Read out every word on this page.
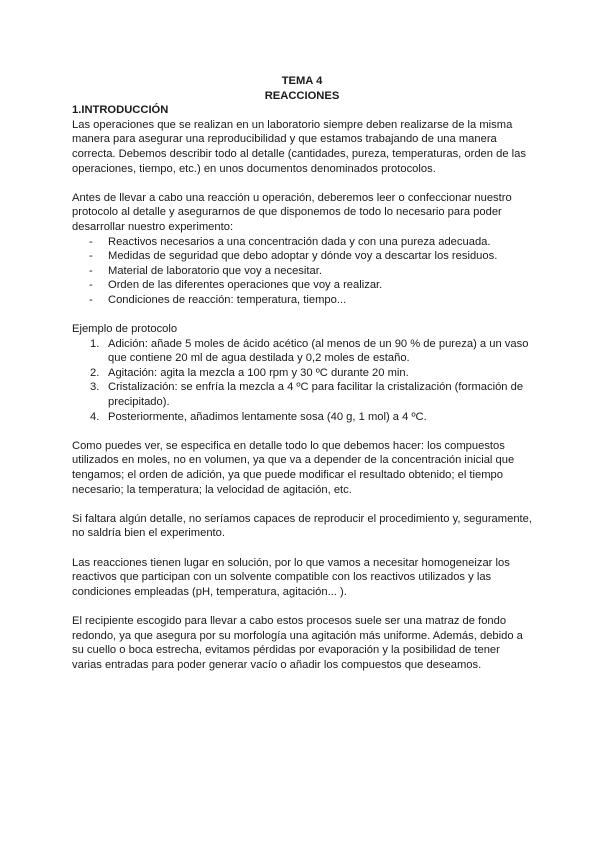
TEMA 4

REACCIONES

1.INTRODUCCIÓN

Las operaciones que se realizan en un laboratorio siempre deben realizarse de la misma manera para asegurar una reproducibilidad y que estamos trabajando de una manera correcta. Debemos describir todo al detalle (cantidades, pureza, temperaturas, orden de las operaciones, tiempo, etc.) en unos documentos denominados protocolos.

Antes de llevar a cabo una reacción u operación, deberemos leer o confeccionar nuestro protocolo al detalle y asegurarnos de que disponemos de todo lo necesario para poder desarrollar nuestro experimento:

- Reactivos necesarios a una concentración dada y con una pureza adecuada.
- Medidas de seguridad que debo adoptar y dónde voy a descartar los residuos.
- Material de laboratorio que voy a necesitar.
- Orden de las diferentes operaciones que voy a realizar.
- Condiciones de reacción: temperatura, tiempo...

Ejemplo de protocolo

1. Adición: añade 5 moles de ácido acético (al menos de un 90 % de pureza) a un vaso que contiene 20 ml de agua destilada y 0,2 moles de estaño.
2. Agitación: agita la mezcla a 100 rpm y 30 ºC durante 20 min.
3. Cristalización: se enfría la mezcla a 4 ºC para facilitar la cristalización (formación de precipitado).
4. Posteriormente, añadimos lentamente sosa (40 g, 1 mol) a 4 ºC.

Como puedes ver, se especifica en detalle todo lo que debemos hacer: los compuestos utilizados en moles, no en volumen, ya que va a depender de la concentración inicial que tengamos; el orden de adición, ya que puede modificar el resultado obtenido; el tiempo necesario; la temperatura; la velocidad de agitación, etc.

Si faltara algún detalle, no seríamos capaces de reproducir el procedimiento y, seguramente, no saldría bien el experimento.

Las reacciones tienen lugar en solución, por lo que vamos a necesitar homogeneizar los reactivos que participan con un solvente compatible con los reactivos utilizados y las condiciones empleadas (pH, temperatura, agitación... ).

El recipiente escogido para llevar a cabo estos procesos suele ser una matraz de fondo redondo, ya que asegura por su morfología una agitación más uniforme. Además, debido a su cuello o boca estrecha, evitamos pérdidas por evaporación y la posibilidad de tener varias entradas para poder generar vacío o añadir los compuestos que deseamos.
